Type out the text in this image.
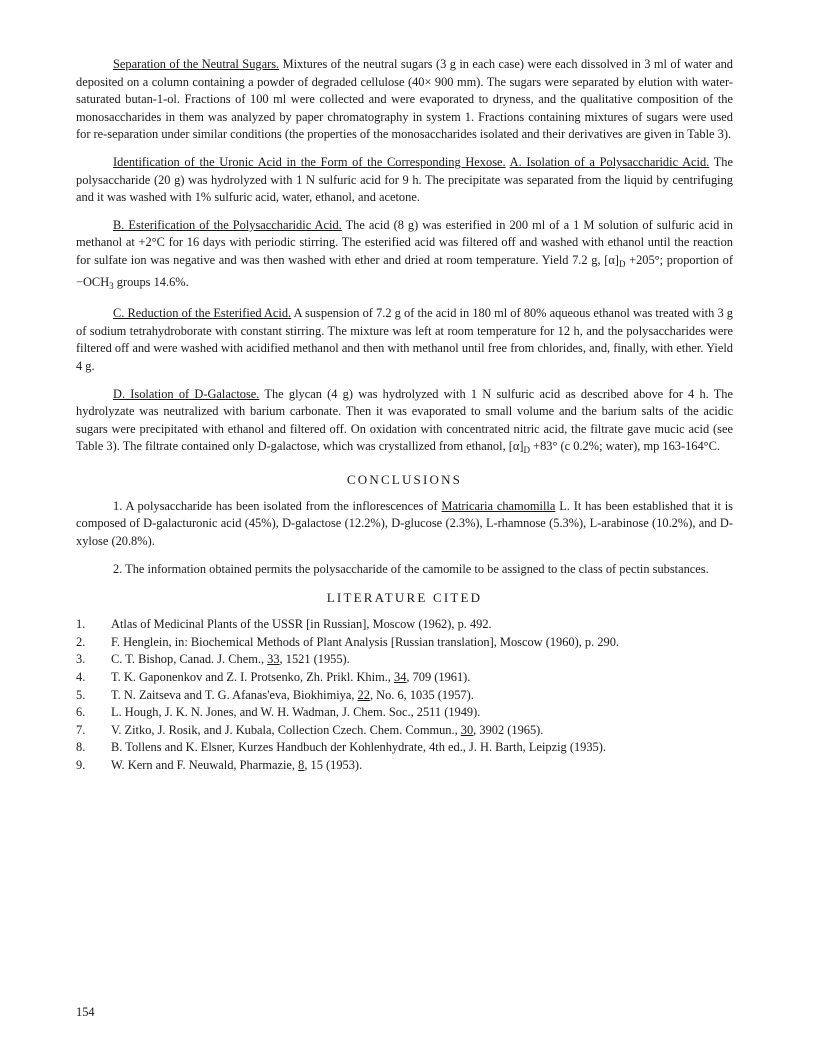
Separation of the Neutral Sugars. Mixtures of the neutral sugars (3 g in each case) were each dissolved in 3 ml of water and deposited on a column containing a powder of degraded cellulose (40× 900 mm). The sugars were separated by elution with water-saturated butan-1-ol. Fractions of 100 ml were collected and were evaporated to dryness, and the qualitative composition of the monosaccharides in them was analyzed by paper chromatography in system 1. Fractions containing mixtures of sugars were used for re-separation under similar conditions (the properties of the monosaccharides isolated and their derivatives are given in Table 3).

Identification of the Uronic Acid in the Form of the Corresponding Hexose. A. Isolation of a Polysaccharidic Acid. The polysaccharide (20 g) was hydrolyzed with 1 N sulfuric acid for 9 h. The precipitate was separated from the liquid by centrifuging and it was washed with 1% sulfuric acid, water, ethanol, and acetone.

B. Esterification of the Polysaccharidic Acid. The acid (8 g) was esterified in 200 ml of a 1 M solution of sulfuric acid in methanol at +2°C for 16 days with periodic stirring. The esterified acid was filtered off and washed with ethanol until the reaction for sulfate ion was negative and was then washed with ether and dried at room temperature. Yield 7.2 g, $[\alpha]_D +205^\circ$; proportion of $-OCH_3$ groups 14.6%.

C. Reduction of the Esterified Acid. A suspension of 7.2 g of the acid in 180 ml of 80% aqueous ethanol was treated with 3 g of sodium tetrahydroborate with constant stirring. The mixture was left at room temperature for 12 h, and the polysaccharides were filtered off and were washed with acidified methanol and then with methanol until free from chlorides, and, finally, with ether. Yield 4 g.

D. Isolation of D-Galactose. The glycan (4 g) was hydrolyzed with 1 N sulfuric acid as described above for 4 h. The hydrolyzate was neutralized with barium carbonate. Then it was evaporated to small volume and the barium salts of the acidic sugars were precipitated with ethanol and filtered off. On oxidation with concentrated nitric acid, the filtrate gave mucic acid (see Table 3). The filtrate contained only D-galactose, which was crystallized from ethanol, $[\alpha]_D +83^\circ$ (c 0.2%; water), mp 163-164°C.

CONCLUSIONS

1. A polysaccharide has been isolated from the inflorescences of Matricaria chamomilla L. It has been established that it is composed of D-galacturonic acid (45%), D-galactose (12.2%), D-glucose (2.3%), L-rhamnose (5.3%), L-arabinose (10.2%), and D-xylose (20.8%).

2. The information obtained permits the polysaccharide of the camomile to be assigned to the class of pectin substances.

LITERATURE CITED
1. Atlas of Medicinal Plants of the USSR [in Russian], Moscow (1962), p. 492.
2. F. Henglein, in: Biochemical Methods of Plant Analysis [Russian translation], Moscow (1960), p. 290.
3. C. T. Bishop, Canad. J. Chem., 33, 1521 (1955).
4. T. K. Gaponenkov and Z. I. Protsenko, Zh. Prikl. Khim., 34, 709 (1961).
5. T. N. Zaitseva and T. G. Afanas'eva, Biokhimiya, 22, No. 6, 1035 (1957).
6. L. Hough, J. K. N. Jones, and W. H. Wadman, J. Chem. Soc., 2511 (1949).
7. V. Zitko, J. Rosik, and J. Kubala, Collection Czech. Chem. Commun., 30, 3902 (1965).
8. B. Tollens and K. Elsner, Kurzes Handbuch der Kohlenhydrate, 4th ed., J. H. Barth, Leipzig (1935).
9. W. Kern and F. Neuwald, Pharmazie, 8, 15 (1953).
154
